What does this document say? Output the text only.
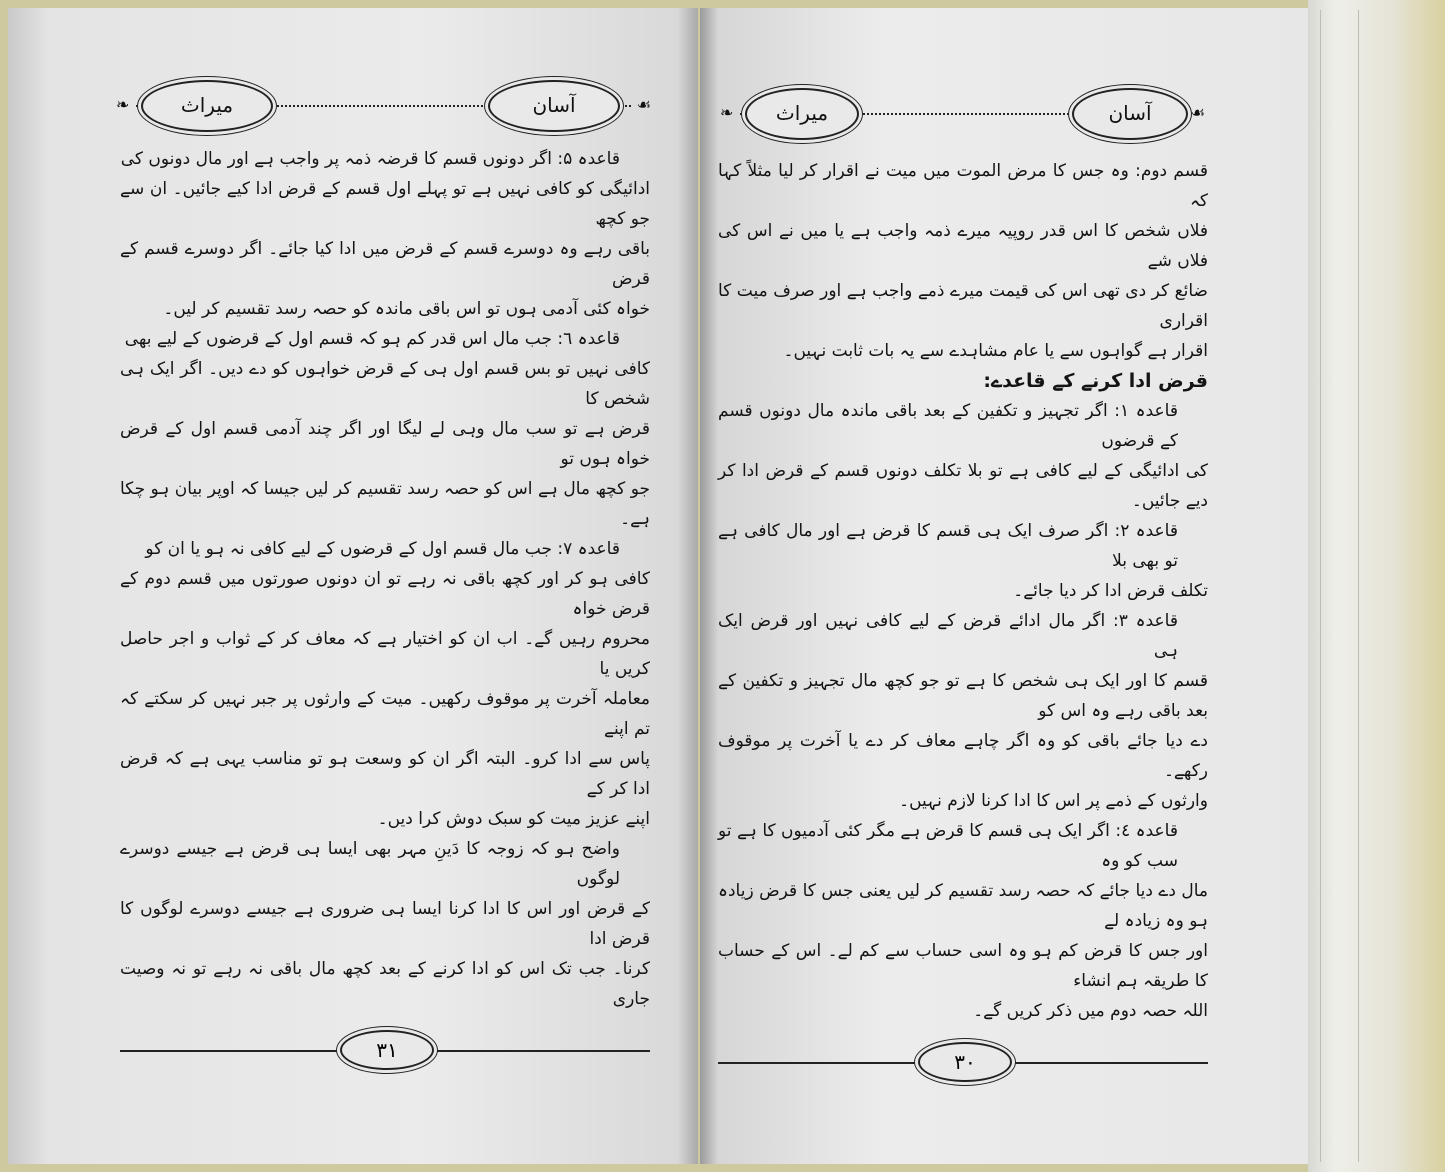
❧	میراث	آسان	☙
قاعدہ ۵: اگر دونوں قسم کا قرضہ ذمہ پر واجب ہے اور مال دونوں کی
ادائیگی کو کافی نہیں ہے تو پہلے اول قسم کے قرض ادا کیے جائیں۔ ان سے جو کچھ
باقی رہے وہ دوسرے قسم کے قرض میں ادا کیا جائے۔ اگر دوسرے قسم کے قرض
خواہ کئی آدمی ہوں تو اس باقی ماندہ کو حصہ رسد تقسیم کر لیں۔
قاعدہ ٦: جب مال اس قدر کم ہو کہ قسم اول کے قرضوں کے لیے بھی
کافی نہیں تو بس قسم اول ہی کے قرض خواہوں کو دے دیں۔ اگر ایک ہی شخص کا
قرض ہے تو سب مال وہی لے لیگا اور اگر چند آدمی قسم اول کے قرض خواہ ہوں تو
جو کچھ مال ہے اس کو حصہ رسد تقسیم کر لیں جیسا کہ اوپر بیان ہو چکا ہے۔
قاعدہ ۷: جب مال قسم اول کے قرضوں کے لیے کافی نہ ہو یا ان کو
کافی ہو کر اور کچھ باقی نہ رہے تو ان دونوں صورتوں میں قسم دوم کے قرض خواہ
محروم رہیں گے۔ اب ان کو اختیار ہے کہ معاف کر کے ثواب و اجر حاصل کریں یا
معاملہ آخرت پر موقوف رکھیں۔ میت کے وارثوں پر جبر نہیں کر سکتے کہ تم اپنے
پاس سے ادا کرو۔ البتہ اگر ان کو وسعت ہو تو مناسب یہی ہے کہ قرض ادا کر کے
اپنے عزیز میت کو سبک دوش کرا دیں۔
واضح ہو کہ زوجہ کا دَینِ مہر بھی ایسا ہی قرض ہے جیسے دوسرے لوگوں
کے قرض اور اس کا ادا کرنا ایسا ہی ضروری ہے جیسے دوسرے لوگوں کا قرض ادا
کرنا۔ جب تک اس کو ادا کرنے کے بعد کچھ مال باقی نہ رہے تو نہ وصیت جاری
٣١
❧	میراث	آسان	☙
قسم دوم: وہ جس کا مرض الموت میں میت نے اقرار کر لیا مثلاً کہا کہ
فلاں شخص کا اس قدر روپیہ میرے ذمہ واجب ہے یا میں نے اس کی فلاں شے
ضائع کر دی تھی اس کی قیمت میرے ذمے واجب ہے اور صرف میت کا اقراری
اقرار ہے گواہوں سے یا عام مشاہدے سے یہ بات ثابت نہیں۔
قرض ادا کرنے کے قاعدے:
قاعدہ ١: اگر تجہیز و تکفین کے بعد باقی ماندہ مال دونوں قسم کے قرضوں
کی ادائیگی کے لیے کافی ہے تو بلا تکلف دونوں قسم کے قرض ادا کر دیے جائیں۔
قاعدہ ٢: اگر صرف ایک ہی قسم کا قرض ہے اور مال کافی ہے تو بھی بلا
تکلف قرض ادا کر دیا جائے۔
قاعدہ ٣: اگر مال ادائے قرض کے لیے کافی نہیں اور قرض ایک ہی
قسم کا اور ایک ہی شخص کا ہے تو جو کچھ مال تجہیز و تکفین کے بعد باقی رہے وہ اس کو
دے دیا جائے باقی کو وہ اگر چاہے معاف کر دے یا آخرت پر موقوف رکھے۔
وارثوں کے ذمے پر اس کا ادا کرنا لازم نہیں۔
قاعدہ ٤: اگر ایک ہی قسم کا قرض ہے مگر کئی آدمیوں کا ہے تو سب کو وہ
مال دے دیا جائے کہ حصہ رسد تقسیم کر لیں یعنی جس کا قرض زیادہ ہو وہ زیادہ لے
اور جس کا قرض کم ہو وہ اسی حساب سے کم لے۔ اس کے حساب کا طریقہ ہم انشاء
اللہ حصہ دوم میں ذکر کریں گے۔
٣٠
